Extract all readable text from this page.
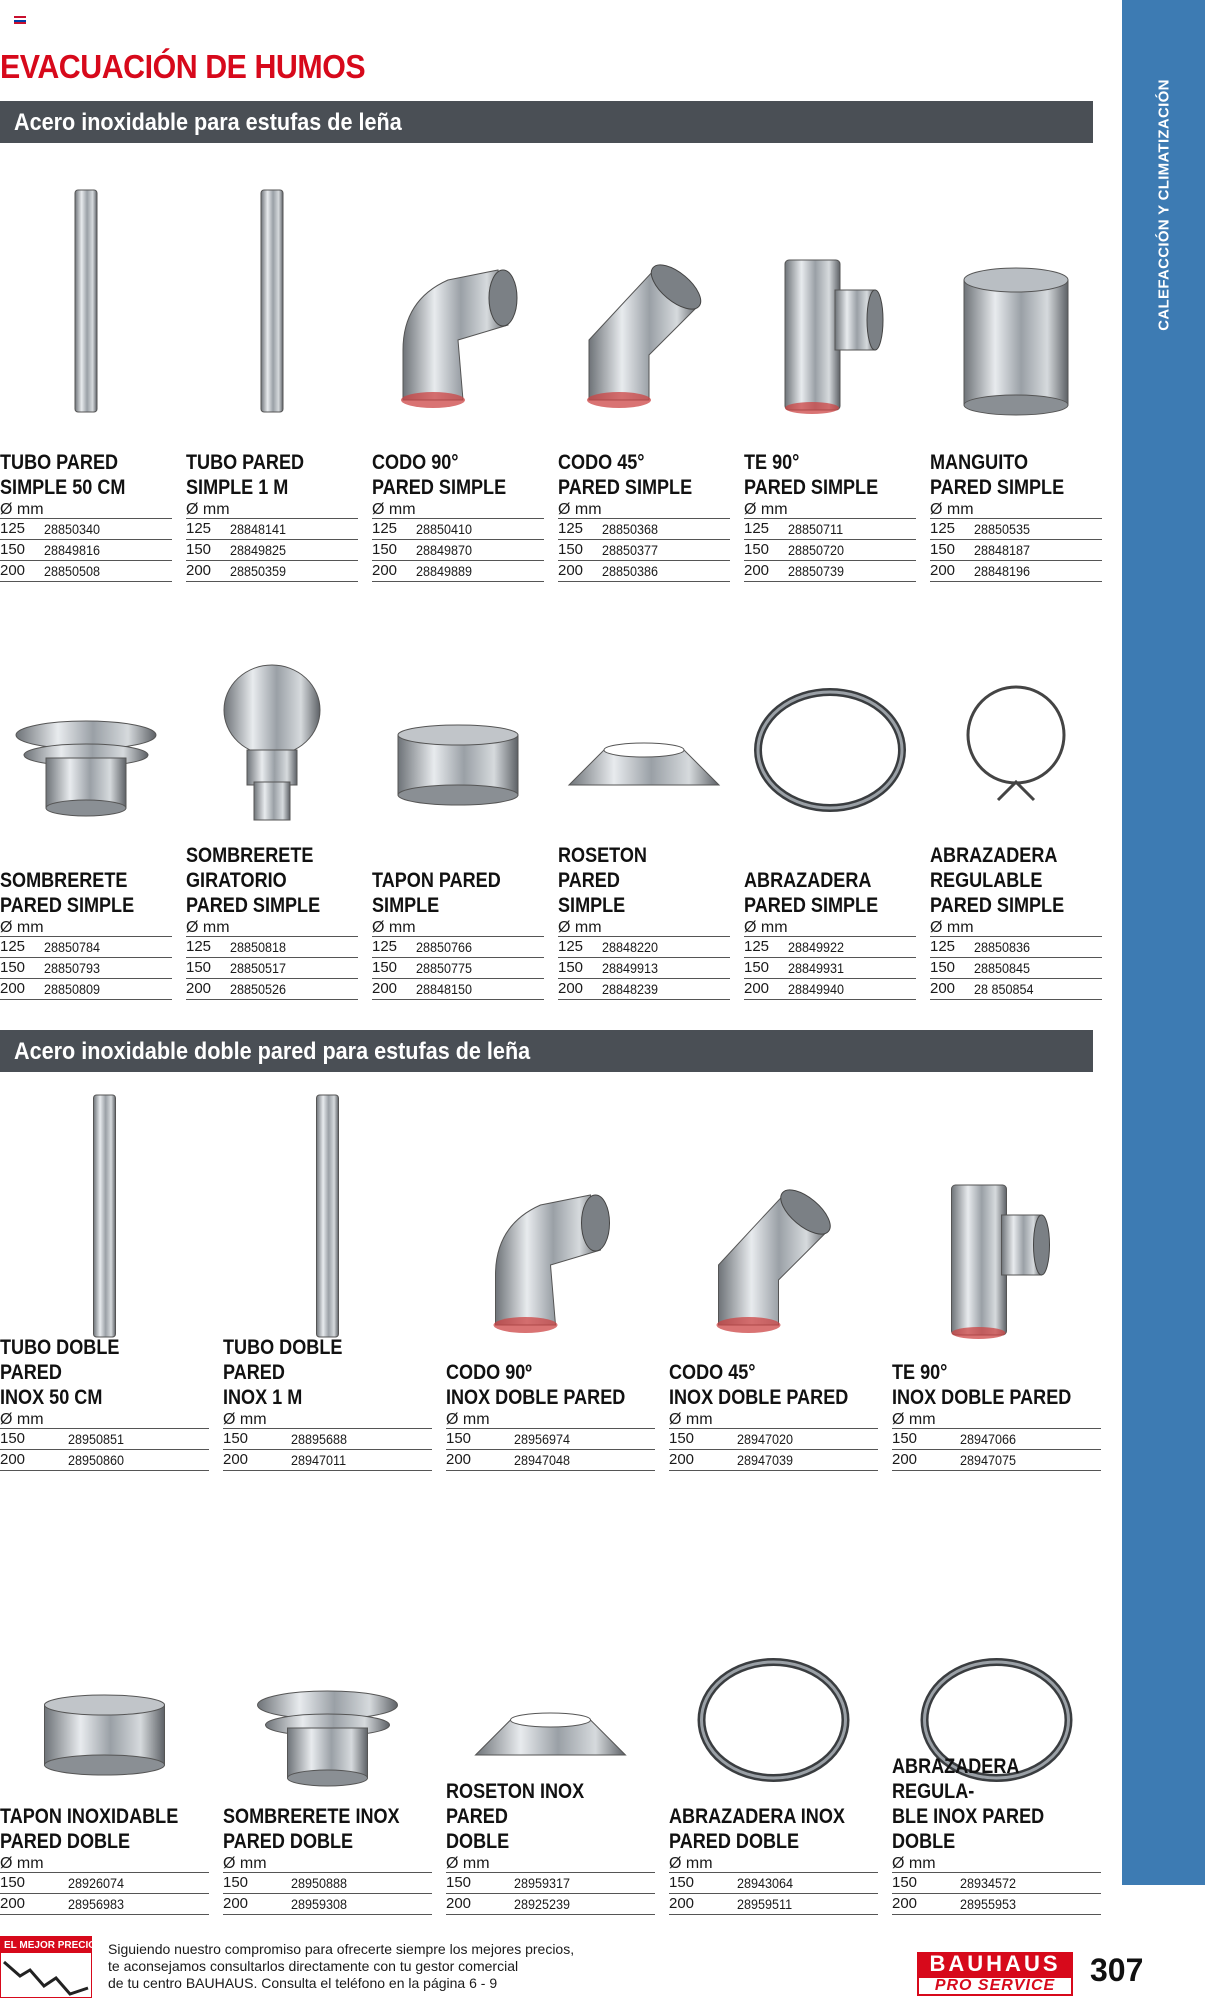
EVACUACIÓN DE HUMOS
CALEFACCIÓN Y CLIMATIZACIÓN
Acero inoxidable para estufas de leña
Acero inoxidable doble pared para estufas de leña
TUBO PARED
SIMPLE 50 CM
Ø mm
125 28850340
150 28849816
200 28850508
TUBO PARED
SIMPLE 1 M
Ø mm
125 28848141
150 28849825
200 28850359
CODO 90°
PARED SIMPLE
Ø mm
125 28850410
150 28849870
200 28849889
CODO 45°
PARED SIMPLE
Ø mm
125 28850368
150 28850377
200 28850386
TE 90°
PARED SIMPLE
Ø mm
125 28850711
150 28850720
200 28850739
MANGUITO
PARED SIMPLE
Ø mm
125 28850535
150 28848187
200 28848196
SOMBRERETE
PARED SIMPLE
Ø mm
125 28850784
150 28850793
200 28850809
SOMBRERETE
GIRATORIO
PARED SIMPLE
Ø mm
125 28850818
150 28850517
200 28850526
TAPON PARED
SIMPLE
Ø mm
125 28850766
150 28850775
200 28848150
ROSETON PARED
SIMPLE
Ø mm
125 28848220
150 28849913
200 28848239
ABRAZADERA
PARED SIMPLE
Ø mm
125 28849922
150 28849931
200 28849940
ABRAZADERA
REGULABLE
PARED SIMPLE
Ø mm
125 28850836
150 28850845
200 28 850854
TUBO DOBLE PARED
INOX 50 CM
Ø mm
150	28950851
200	28950860
TUBO DOBLE PARED
INOX 1 M
Ø mm
150	28895688
200	28947011
CODO 90º
INOX DOBLE PARED
Ø mm
150	28956974
200	28947048
CODO 45°
INOX DOBLE PARED
Ø mm
150	28947020
200	28947039
TE 90°
INOX DOBLE PARED
Ø mm
150	28947066
200	28947075
TAPON INOXIDABLE
PARED DOBLE
Ø mm
150	28926074
200	28956983
SOMBRERETE INOX
PARED DOBLE
Ø mm
150	28950888
200	28959308
ROSETON INOX PARED
DOBLE
Ø mm
150	28959317
200	28925239
ABRAZADERA INOX
PARED DOBLE
Ø mm
150	28943064
200	28959511
ABRAZADERA REGULA-
BLE INOX PARED DOBLE
Ø mm
150	28934572
200	28955953
EL MEJOR PRECIO Siguiendo nuestro compromiso para ofrecerte siempre los mejores precios,
te aconsejamos consultarlos directamente con tu gestor comercial
de tu centro BAUHAUS. Consulta el teléfono en la página 6 - 9
BAUHAUS
PRO SERVICE	307
